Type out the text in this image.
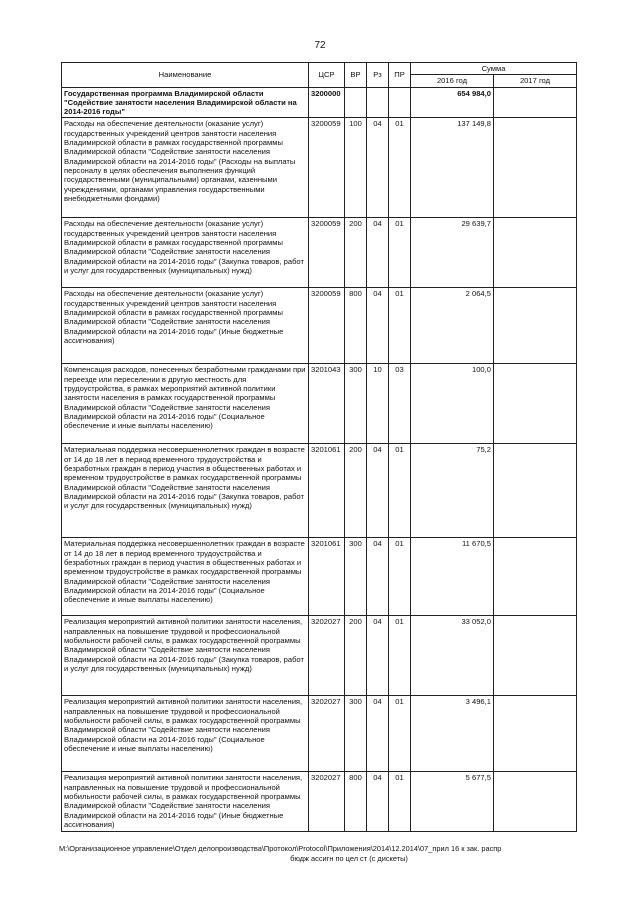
72
Наименование	ЦСР	ВР	Рз	ПР	Сумма	
					2016 год	2017 год
Государственная программа Владимирской области "Содействие занятости населения Владимирской области на 2014-2016 годы"	3200000				654 984,0	
Расходы на обеспечение деятельности (оказание услуг) государственных учреждений центров занятости населения Владимирской области в рамках государственной программы Владимирской области "Содействие занятости населения Владимирской области на 2014-2016 годы" (Расходы на выплаты персоналу в целях обеспечения выполнения функций государственными (муниципальными) органами, казенными учреждениями, органами управления государственными внебюджетными фондами)	3200059	100	04	01	137 149,8	
Расходы на обеспечение деятельности (оказание услуг) государственных учреждений центров занятости населения Владимирской области в рамках государственной программы Владимирской области "Содействие занятости населения Владимирской области на 2014-2016 годы" (Закупка товаров, работ и услуг для государственных (муниципальных) нужд)	3200059	200	04	01	29 639,7	
Расходы на обеспечение деятельности (оказание услуг) государственных учреждений центров занятости населения Владимирской области в рамках государственной программы Владимирской области "Содействие занятости населения Владимирской области на 2014-2016 годы" (Иные бюджетные ассигнования)	3200059	800	04	01	2 064,5	
Компенсация расходов, понесенных безработными гражданами при переезде или переселении в другую местность для трудоустройства, в рамках мероприятий активной политики занятости населения в рамках государственной программы Владимирской области "Содействие занятости населения Владимирской области на 2014-2016 годы" (Социальное обеспечение и иные выплаты населению)	3201043	300	10	03	100,0	
Материальная поддержка несовершеннолетних граждан в возрасте от 14 до 18 лет в период временного трудоустройства и безработных граждан в период участия в общественных работах и временном трудоустройстве в рамках государственной программы Владимирской области "Содействие занятости населения Владимирской области на 2014-2016 годы" (Закупка товаров, работ и услуг для государственных (муниципальных) нужд)	3201061	200	04	01	75,2	
Материальная поддержка несовершеннолетних граждан в возрасте от 14 до 18 лет в период временного трудоустройства и безработных граждан в период участия в общественных работах и временном трудоустройстве в рамках государственной программы Владимирской области "Содействие занятости населения Владимирской области на 2014-2016 годы" (Социальное обеспечение и иные выплаты населению)	3201061	300	04	01	11 670,5	
Реализация мероприятий активной политики занятости населения, направленных на повышение трудовой и профессиональной мобильности рабочей силы, в рамках государственной программы Владимирской области "Содействие занятости населения Владимирской области на 2014-2016 годы" (Закупка товаров, работ и услуг для государственных (муниципальных) нужд)	3202027	200	04	01	33 052,0	
Реализация мероприятий активной политики занятости населения, направленных на повышение трудовой и профессиональной мобильности рабочей силы, в рамках государственной программы Владимирской области "Содействие занятости населения Владимирской области на 2014-2016 годы" (Социальное обеспечение и иные выплаты населению)	3202027	300	04	01	3 496,1	
Реализация мероприятий активной политики занятости населения, направленных на повышение трудовой и профессиональной мобильности рабочей силы, в рамках государственной программы Владимирской области "Содействие занятости населения Владимирской области на 2014-2016 годы" (Иные бюджетные ассигнования)	3202027	800	04	01	5 677,5	
M:\Организационное управление\Отдел делопроизводства\Протокол\Protocol\Приложения\2014\12.2014\07_прил 16 к зак. распр
бюдж ассигн по цел ст (с дискеты)
